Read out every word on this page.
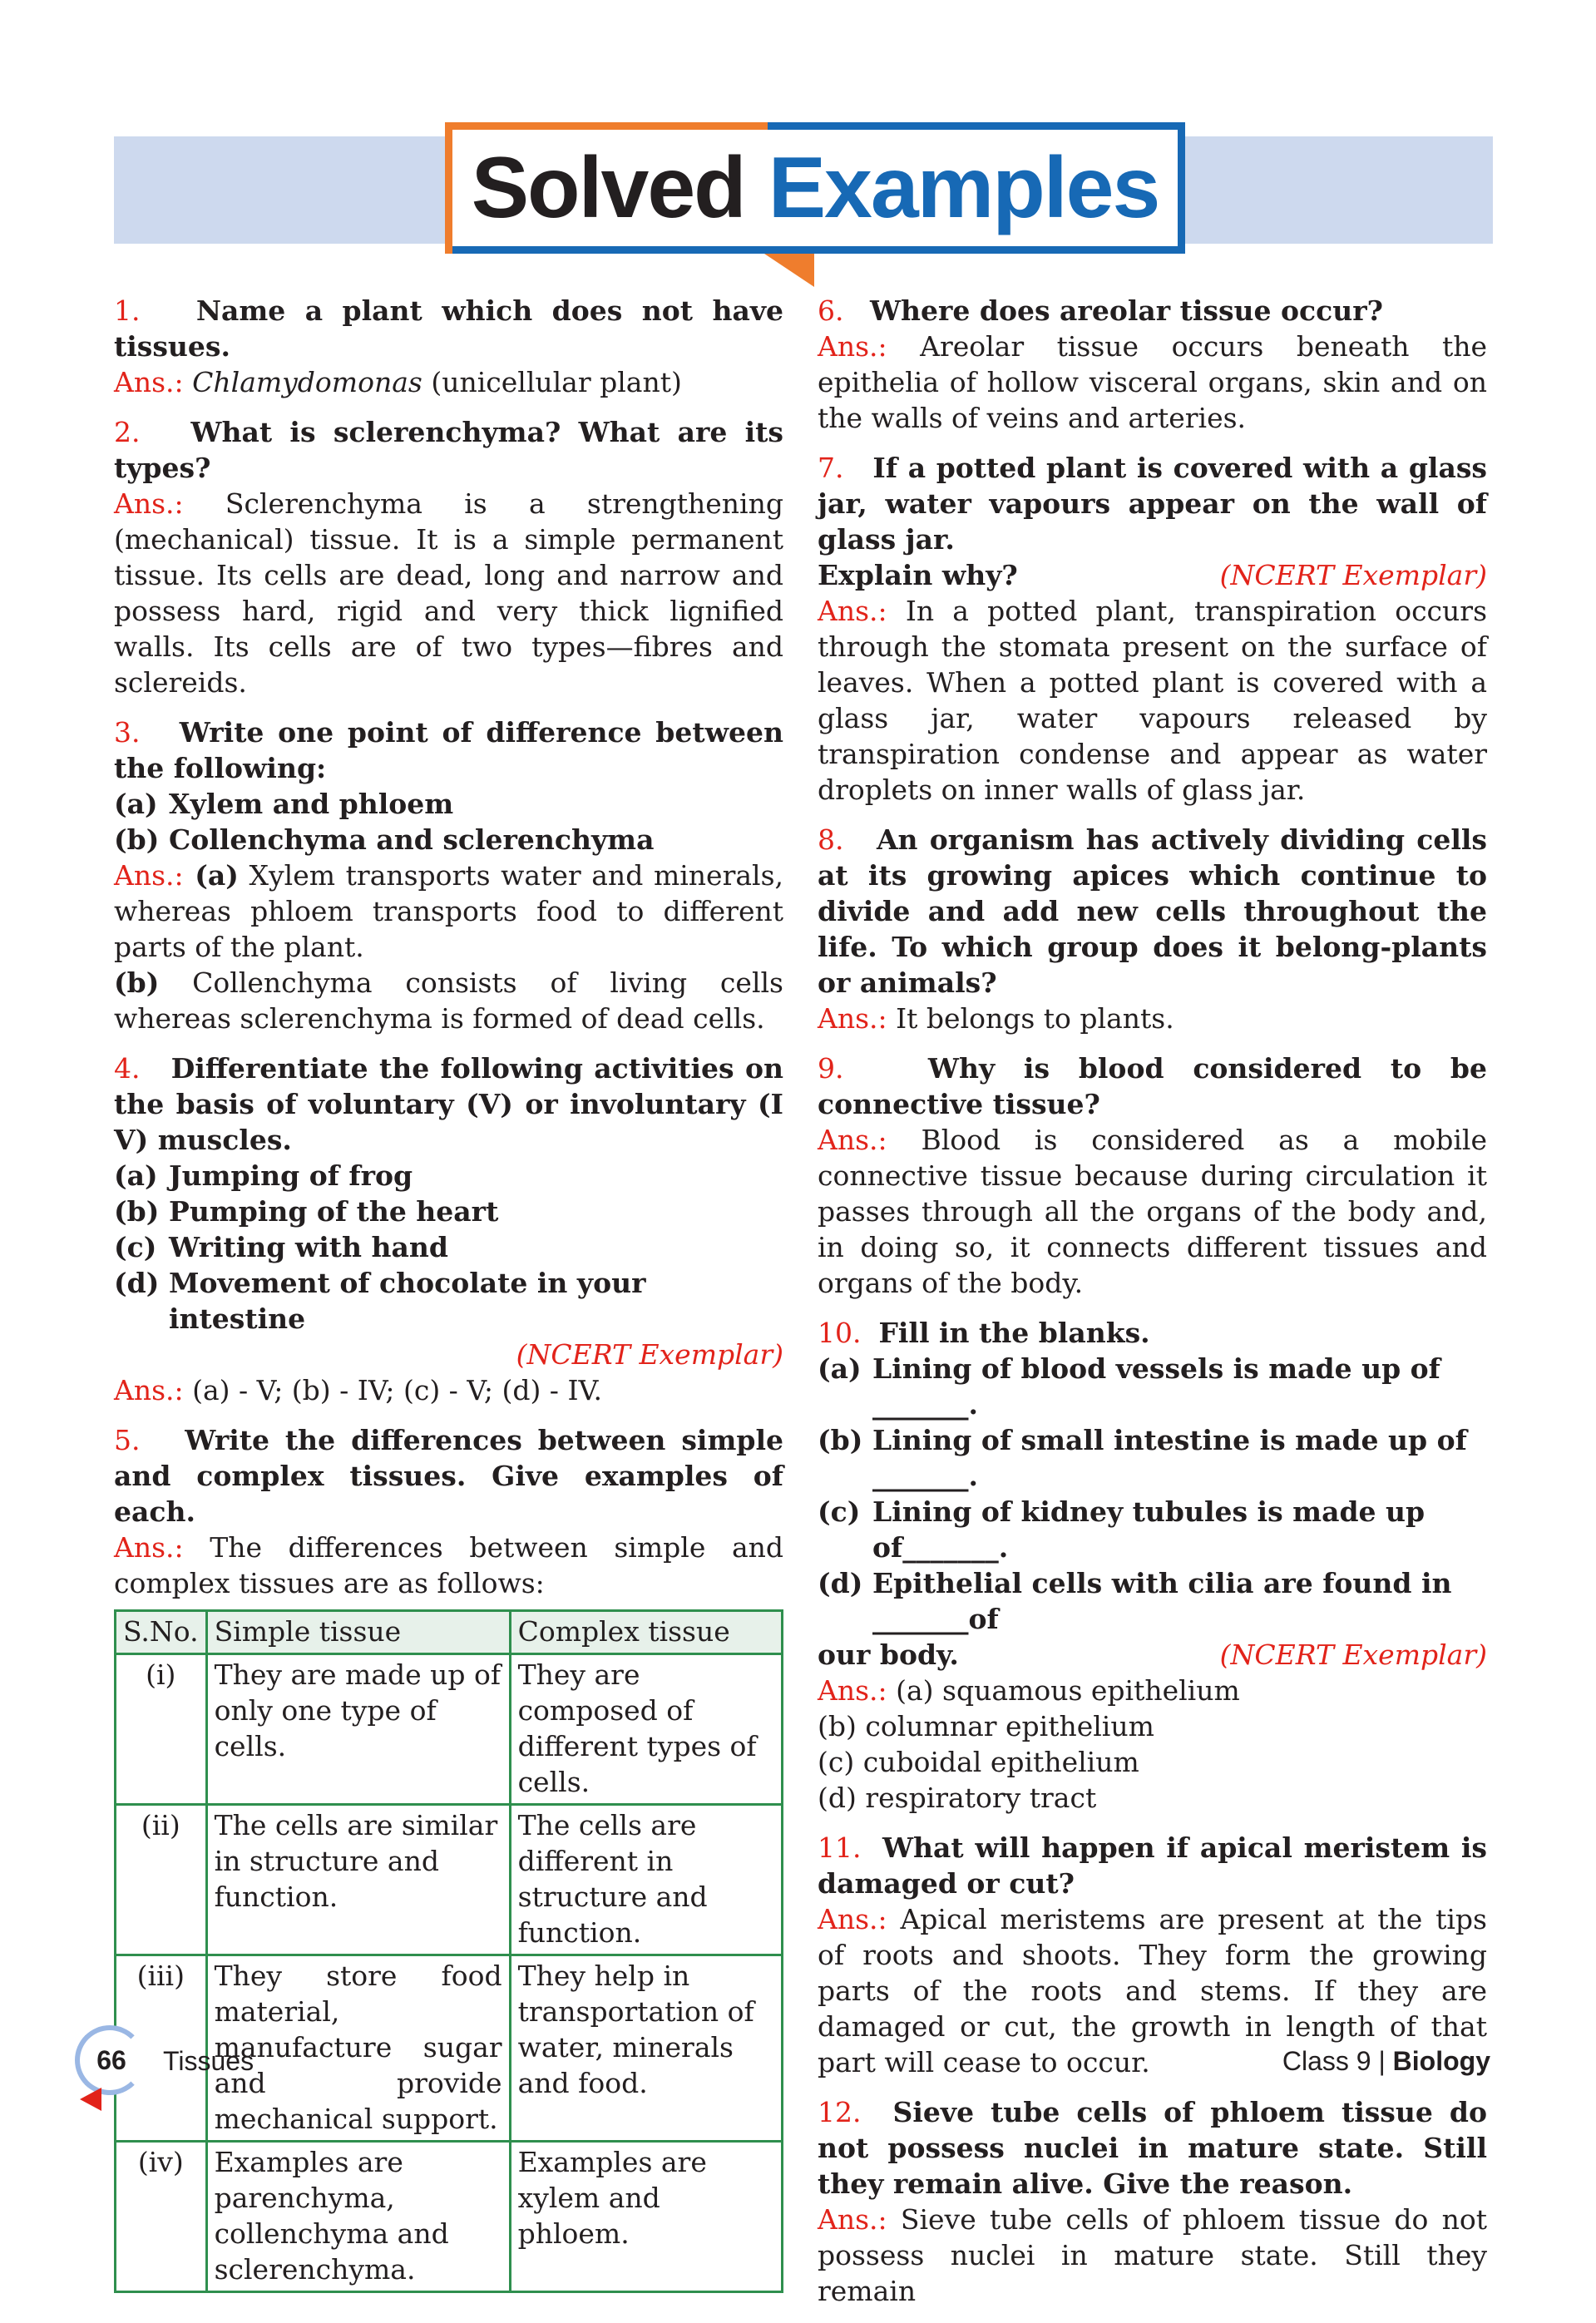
Solved Examples
1. Name a plant which does not have tissues.
Ans.: Chlamydomonas (unicellular plant)
2. What is sclerenchyma? What are its types?
Ans.: Sclerenchyma is a strengthening (mechanical) tissue. It is a simple permanent tissue. Its cells are dead, long and narrow and possess hard, rigid and very thick lignified walls. Its cells are of two types—fibres and sclereids.
3. Write one point of difference between the following:
(a) Xylem and phloem
(b) Collenchyma and sclerenchyma
Ans.: (a) Xylem transports water and minerals, whereas phloem transports food to different parts of the plant.
(b) Collenchyma consists of living cells whereas sclerenchyma is formed of dead cells.
4. Differentiate the following activities on the basis of voluntary (V) or involuntary (I V) muscles.
(a) Jumping of frog
(b) Pumping of the heart
(c) Writing with hand
(d) Movement of chocolate in your intestine
(NCERT Exemplar)
Ans.: (a) - V; (b) - IV; (c) - V; (d) - IV.
5. Write the differences between simple and complex tissues. Give examples of each.
Ans.: The differences between simple and complex tissues are as follows:
S.No.	Simple tissue	Complex tissue
(i)	They are made up of only one type of cells.	They are composed of different types of cells.
(ii)	The cells are similar in structure and function.	The cells are different in structure and function.
(iii)	They store food material, manufacture sugar and provide mechanical support.	They help in transportation of water, minerals and food.
(iv)	Examples are parenchyma, collenchyma and sclerenchyma.	Examples are xylem and phloem.
6. Where does areolar tissue occur?
Ans.: Areolar tissue occurs beneath the epithelia of hollow visceral organs, skin and on the walls of veins and arteries.
7. If a potted plant is covered with a glass jar, water vapours appear on the wall of glass jar.
Explain why?	(NCERT Exemplar)
Ans.: In a potted plant, transpiration occurs through the stomata present on the surface of leaves. When a potted plant is covered with a glass jar, water vapours released by transpiration condense and appear as water droplets on inner walls of glass jar.
8. An organism has actively dividing cells at its growing apices which continue to divide and add new cells throughout the life. To which group does it belong-plants or animals?
Ans.: It belongs to plants.
9.	Why is blood considered to be connective tissue?
Ans.: Blood is considered as a mobile connective tissue because during circulation it passes through all the organs of the body and, in doing so, it connects different tissues and organs of the body.
10. Fill in the blanks.
(a) Lining of blood vessels is made up of _______.
(b) Lining of small intestine is made up of _______.
(c) Lining of kidney tubules is made up of_______.
(d) Epithelial cells with cilia are found in _______of
our body.	(NCERT Exemplar)
Ans.: (a) squamous epithelium
(b) columnar epithelium
(c) cuboidal epithelium
(d) respiratory tract
11. What will happen if apical meristem is damaged or cut?
Ans.: Apical meristems are present at the tips of roots and shoots. They form the growing parts of the roots and stems. If they are damaged or cut, the growth in length of that part will cease to occur.
12. Sieve tube cells of phloem tissue do not possess nuclei in mature state. Still they remain alive. Give the reason.
Ans.: Sieve tube cells of phloem tissue do not possess nuclei in mature state. Still they remain
66	Tissues	Class 9 | Biology
